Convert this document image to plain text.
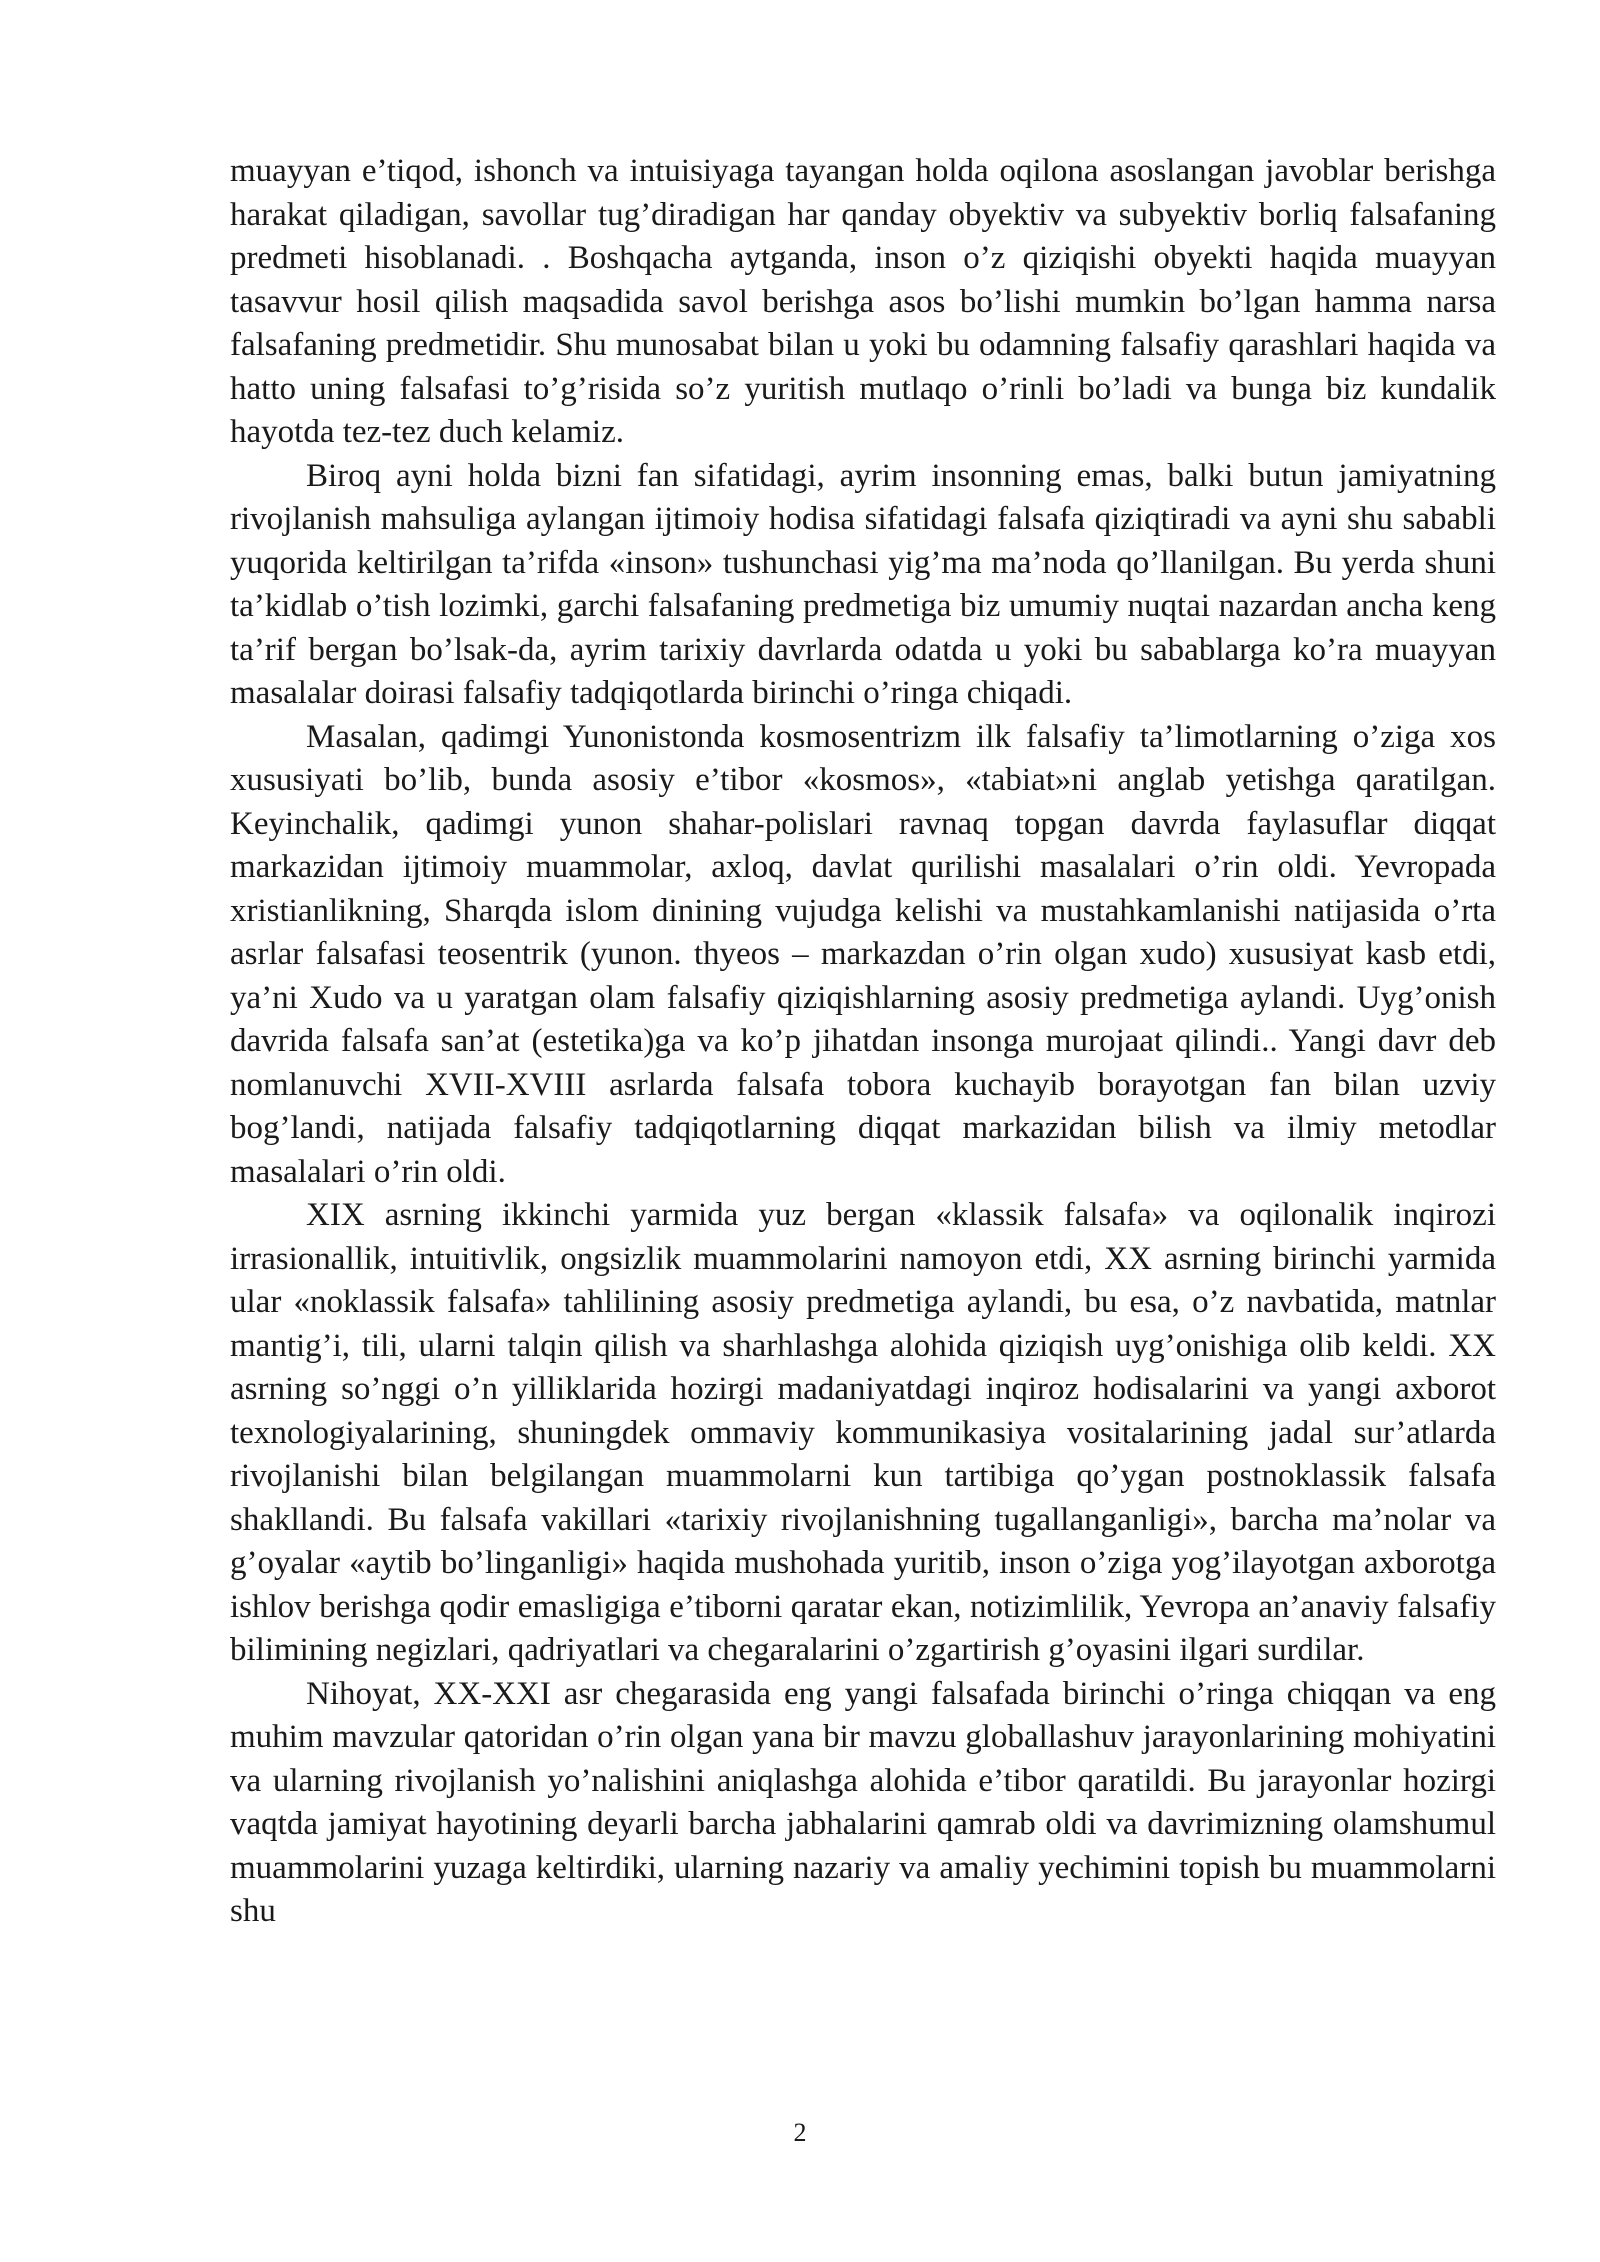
muayyan e’tiqod, ishonch va intuisiyaga tayangan holda oqilona asoslangan javoblar berishga harakat qiladigan, savollar tug’diradigan har qanday obyektiv va subyektiv borliq falsafaning predmeti hisoblanadi. . Boshqacha aytganda, inson o’z qiziqishi obyekti haqida muayyan tasavvur hosil qilish maqsadida savol berishga asos bo’lishi mumkin bo’lgan hamma narsa falsafaning predmetidir. Shu munosabat bilan u yoki bu odamning falsafiy qarashlari haqida va hatto uning falsafasi to’g’risida so’z yuritish mutlaqo o’rinli bo’ladi va bunga biz kundalik hayotda tez-tez duch kelamiz.

Biroq ayni holda bizni fan sifatidagi, ayrim insonning emas, balki butun jamiyatning rivojlanish mahsuliga aylangan ijtimoiy hodisa sifatidagi falsafa qiziqtiradi va ayni shu sababli yuqorida keltirilgan ta’rifda «inson» tushunchasi yig’ma ma’noda qo’llanilgan. Bu yerda shuni ta’kidlab o’tish lozimki, garchi falsafaning predmetiga biz umumiy nuqtai nazardan ancha keng ta’rif bergan bo’lsak-da, ayrim tarixiy davrlarda odatda u yoki bu sabablarga ko’ra muayyan masalalar doirasi falsafiy tadqiqotlarda birinchi o’ringa chiqadi.

Masalan, qadimgi Yunonistonda kosmosentrizm ilk falsafiy ta’limotlarning o’ziga xos xususiyati bo’lib, bunda asosiy e’tibor «kosmos», «tabiat»ni anglab yetishga qaratilgan. Keyinchalik, qadimgi yunon shahar-polislari ravnaq topgan davrda faylasuflar diqqat markazidan ijtimoiy muammolar, axloq, davlat qurilishi masalalari o’rin oldi. Yevropada xristianlikning, Sharqda islom dinining vujudga kelishi va mustahkamlanishi natijasida o’rta asrlar falsafasi teosentrik (yunon. thyeos – markazdan o’rin olgan xudo) xususiyat kasb etdi, ya’ni Xudo va u yaratgan olam falsafiy qiziqishlarning asosiy predmetiga aylandi. Uyg’onish davrida falsafa san’at (estetika)ga va ko’p jihatdan insonga murojaat qilindi.. Yangi davr deb nomlanuvchi XVII-XVIII asrlarda falsafa tobora kuchayib borayotgan fan bilan uzviy bog’landi, natijada falsafiy tadqiqotlarning diqqat markazidan bilish va ilmiy metodlar masalalari o’rin oldi.

XIX asrning ikkinchi yarmida yuz bergan «klassik falsafa» va oqilonalik inqirozi irrasionallik, intuitivlik, ongsizlik muammolarini namoyon etdi, XX asrning birinchi yarmida ular «noklassik falsafa» tahlilining asosiy predmetiga aylandi, bu esa, o’z navbatida, matnlar mantig’i, tili, ularni talqin qilish va sharhlashga alohida qiziqish uyg’onishiga olib keldi. XX asrning so’nggi o’n yilliklarida hozirgi madaniyatdagi inqiroz hodisalarini va yangi axborot texnologiyalarining, shuningdek ommaviy kommunikasiya vositalarining jadal sur’atlarda rivojlanishi bilan belgilangan muammolarni kun tartibiga qo’ygan postnoklassik falsafa shakllandi. Bu falsafa vakillari «tarixiy rivojlanishning tugallanganligi», barcha ma’nolar va g’oyalar «aytib bo’linganligi» haqida mushohada yuritib, inson o’ziga yog’ilayotgan axborotga ishlov berishga qodir emasligiga e’tiborni qaratar ekan, notizimlilik, Yevropa an’anaviy falsafiy bilimining negizlari, qadriyatlari va chegaralarini o’zgartirish g’oyasini ilgari surdilar.

Nihoyat, XX-XXI asr chegarasida eng yangi falsafada birinchi o’ringa chiqqan va eng muhim mavzular qatoridan o’rin olgan yana bir mavzu globallashuv jarayonlarining mohiyatini va ularning rivojlanish yo’nalishini aniqlashga alohida e’tibor qaratildi. Bu jarayonlar hozirgi vaqtda jamiyat hayotining deyarli barcha jabhalarini qamrab oldi va davrimizning olamshumul muammolarini yuzaga keltirdiki, ularning nazariy va amaliy yechimini topish bu muammolarni shu

2
